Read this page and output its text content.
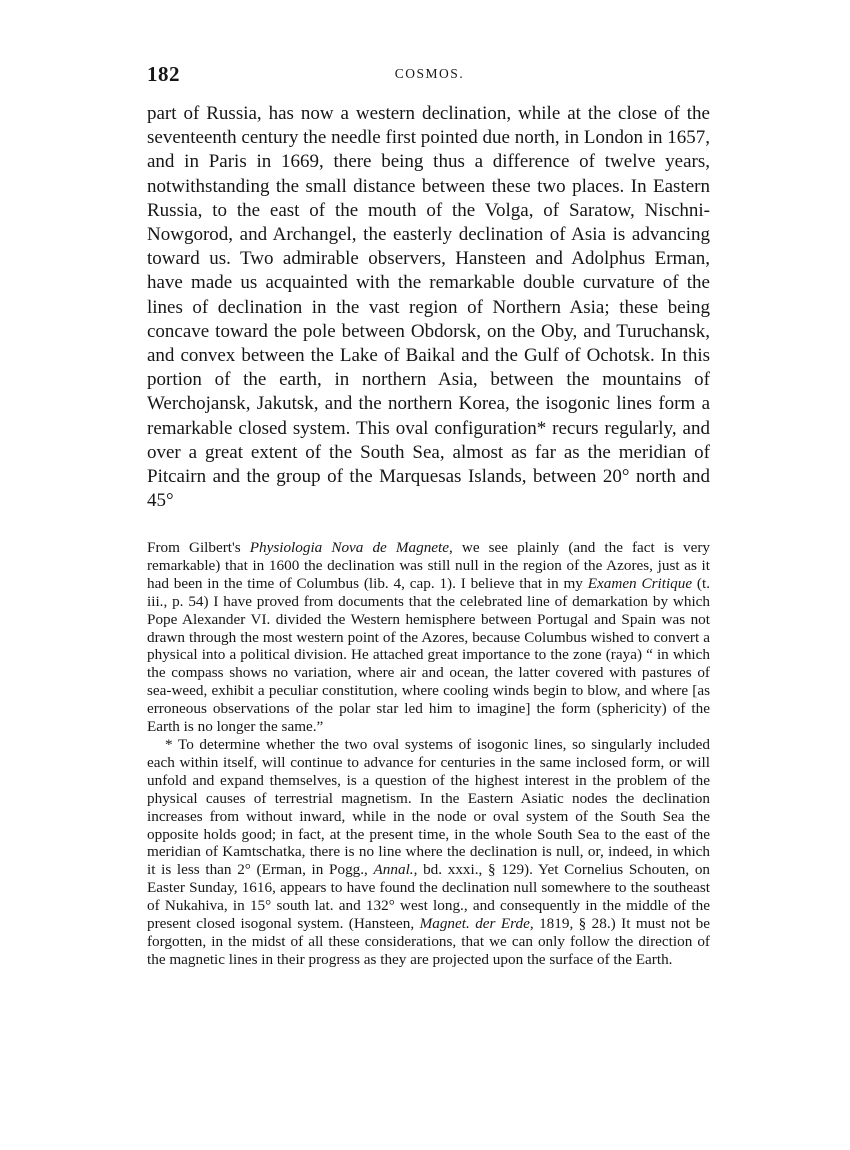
182	COSMOS.

part of Russia, has now a western declination, while at the close of the seventeenth century the needle first pointed due north, in London in 1657, and in Paris in 1669, there being thus a difference of twelve years, notwithstanding the small distance between these two places. In Eastern Russia, to the east of the mouth of the Volga, of Saratow, Nischni-Nowgorod, and Archangel, the easterly declination of Asia is advancing toward us. Two admirable observers, Hansteen and Adolphus Erman, have made us acquainted with the remarkable double curvature of the lines of declination in the vast region of Northern Asia; these being concave toward the pole between Obdorsk, on the Oby, and Turuchansk, and convex between the Lake of Baikal and the Gulf of Ochotsk. In this portion of the earth, in northern Asia, between the mountains of Werchojansk, Jakutsk, and the northern Korea, the isogonic lines form a remarkable closed system. This oval configuration* recurs regularly, and over a great extent of the South Sea, almost as far as the meridian of Pitcairn and the group of the Marquesas Islands, between 20° north and 45°

From Gilbert's Physiologia Nova de Magnete, we see plainly (and the fact is very remarkable) that in 1600 the declination was still null in the region of the Azores, just as it had been in the time of Columbus (lib. 4, cap. 1). I believe that in my Examen Critique (t. iii., p. 54) I have proved from documents that the celebrated line of demarkation by which Pope Alexander VI. divided the Western hemisphere between Portugal and Spain was not drawn through the most western point of the Azores, because Columbus wished to convert a physical into a political division. He attached great importance to the zone (raya) “ in which the compass shows no variation, where air and ocean, the latter covered with pastures of sea-weed, exhibit a peculiar constitution, where cooling winds begin to blow, and where [as erroneous observations of the polar star led him to imagine] the form (sphericity) of the Earth is no longer the same.”

* To determine whether the two oval systems of isogonic lines, so singularly included each within itself, will continue to advance for centuries in the same inclosed form, or will unfold and expand themselves, is a question of the highest interest in the problem of the physical causes of terrestrial magnetism. In the Eastern Asiatic nodes the declination increases from without inward, while in the node or oval system of the South Sea the opposite holds good; in fact, at the present time, in the whole South Sea to the east of the meridian of Kamtschatka, there is no line where the declination is null, or, indeed, in which it is less than 2° (Erman, in Pogg., Annal., bd. xxxi., § 129). Yet Cornelius Schouten, on Easter Sunday, 1616, appears to have found the declination null somewhere to the southeast of Nukahiva, in 15° south lat. and 132° west long., and consequently in the middle of the present closed isogonal system. (Hansteen, Magnet. der Erde, 1819, § 28.) It must not be forgotten, in the midst of all these considerations, that we can only follow the direction of the magnetic lines in their progress as they are projected upon the surface of the Earth.
